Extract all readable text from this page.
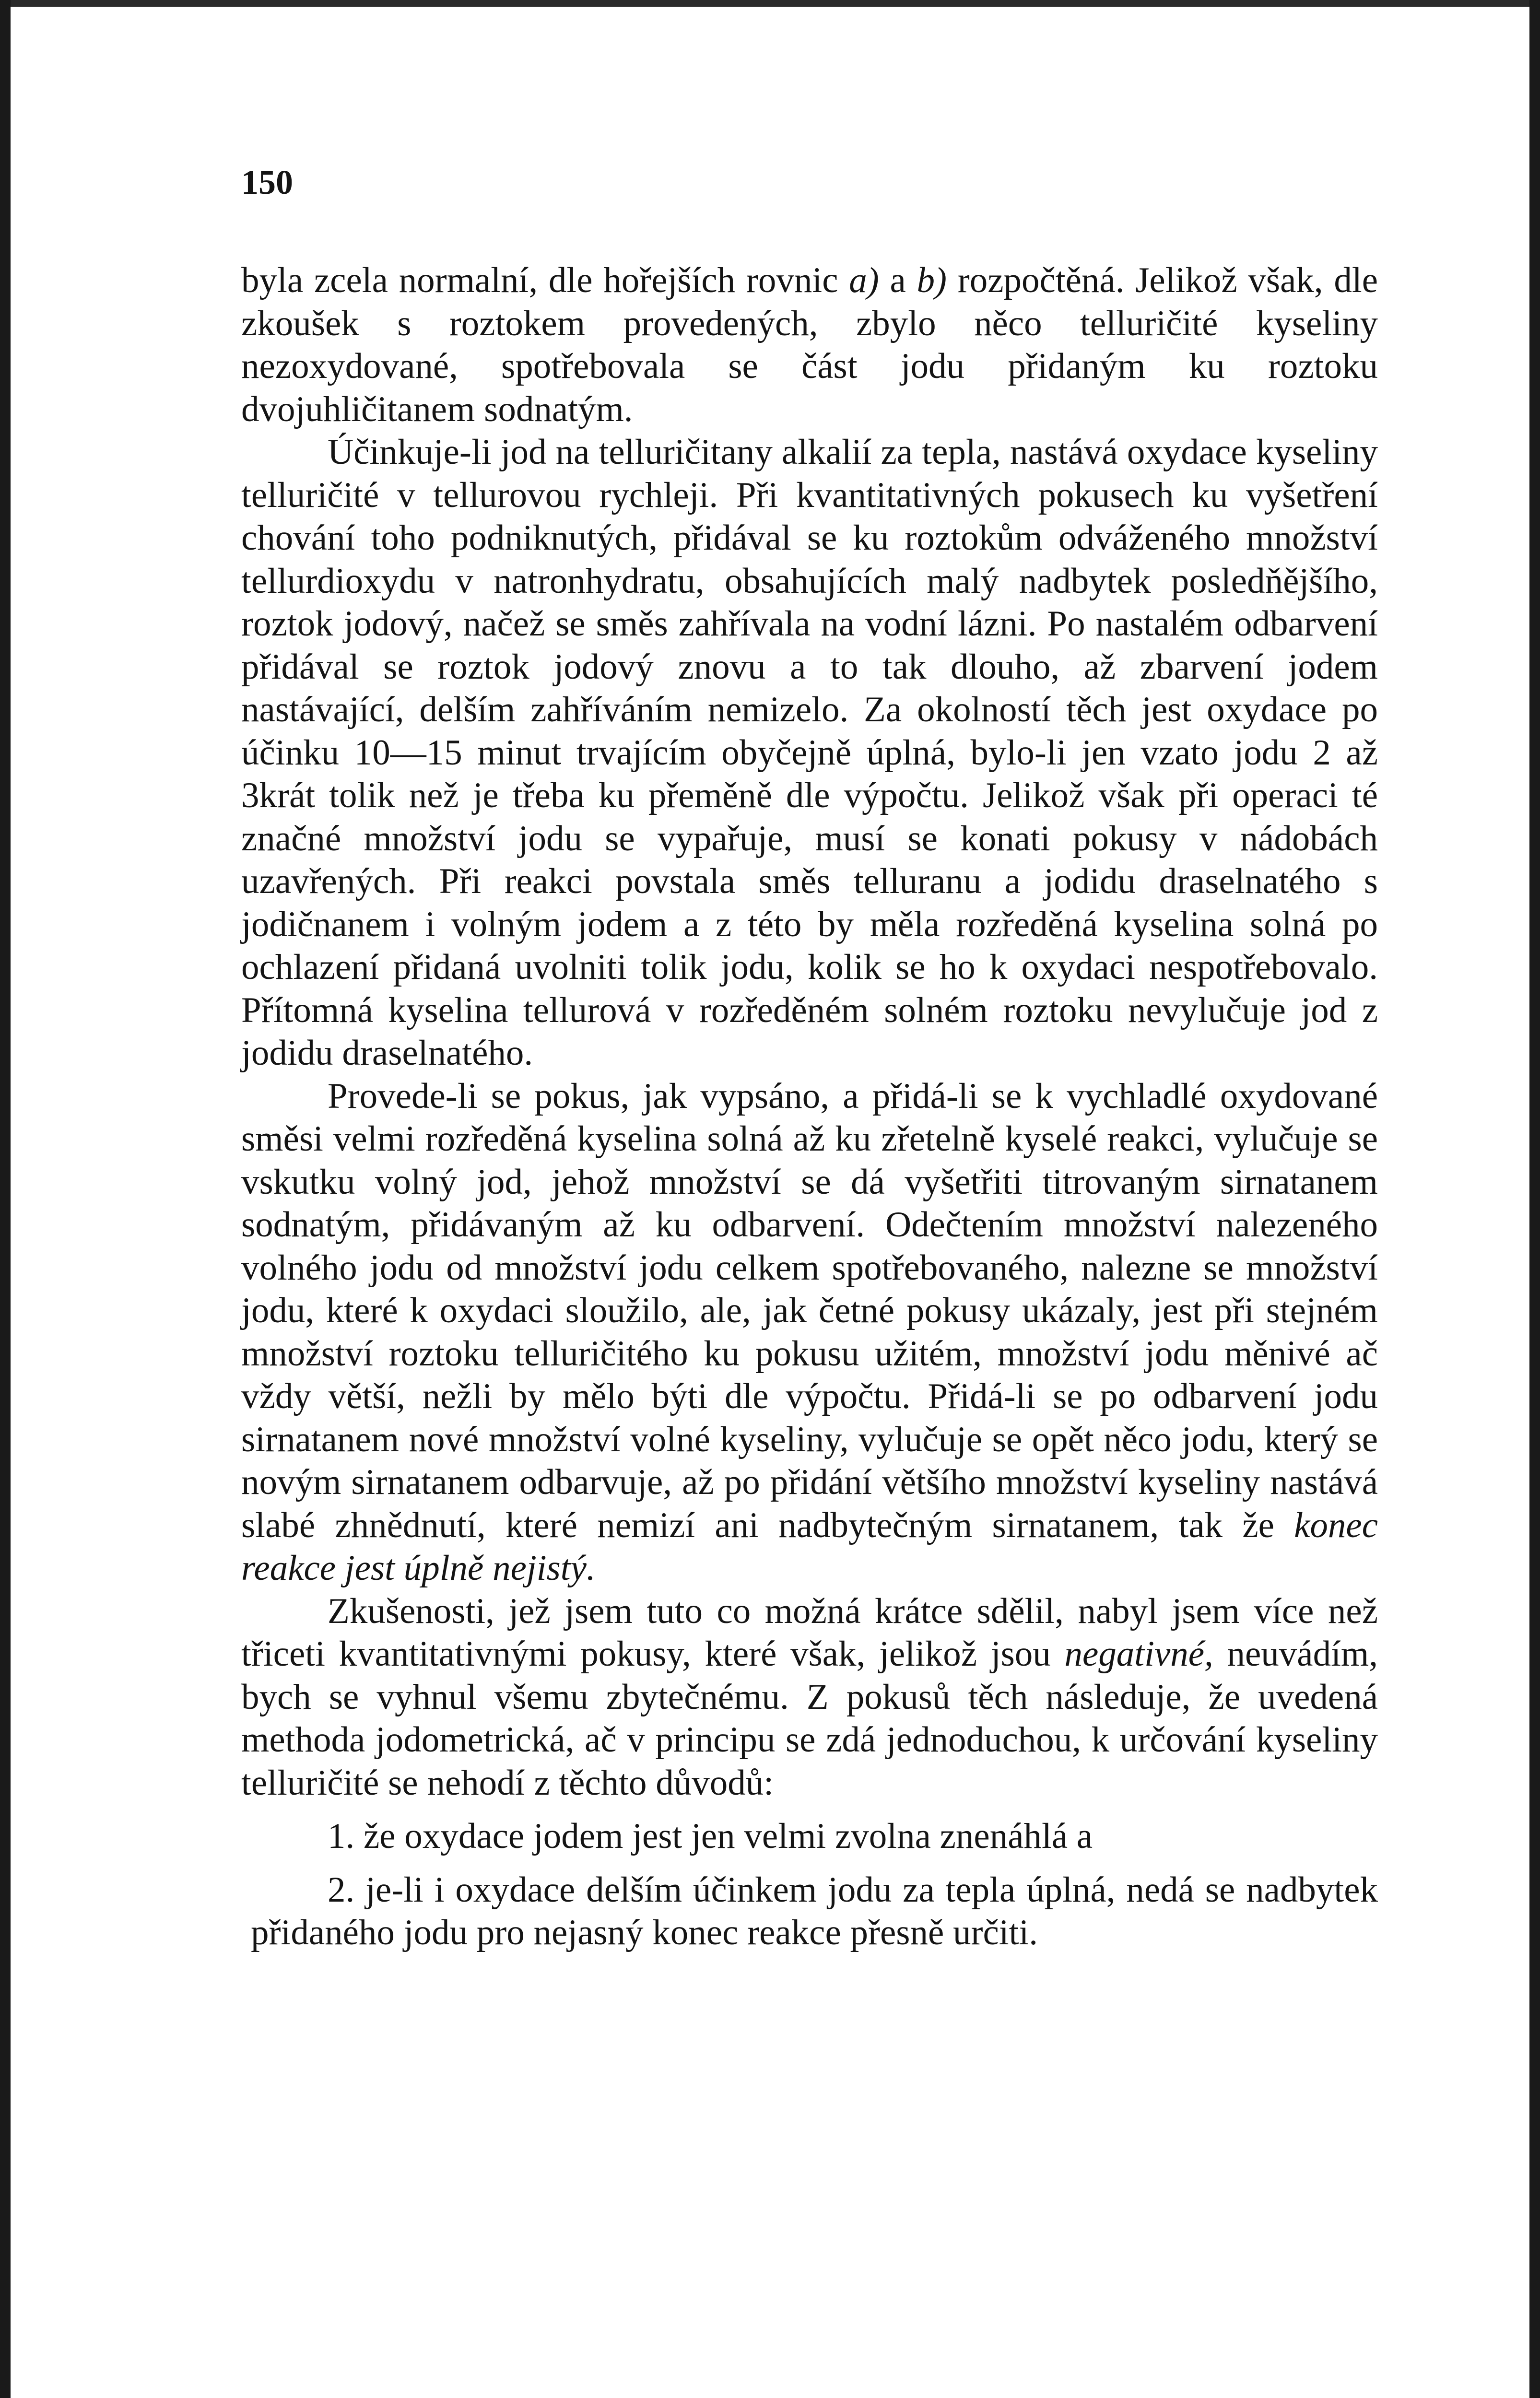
150

byla zcela normalní, dle hořejších rovnic a) a b) rozpočtěná. Jelikož však, dle zkoušek s roztokem provedených, zbylo něco telluričité kyseliny nezoxydované, spotřebovala se část jodu přidaným ku roztoku dvojuhličitanem sodnatým.

Účinkuje-li jod na telluričitany alkalií za tepla, nastává oxydace kyseliny telluričité v tellurovou rychleji. Při kvantitativných pokusech ku vyšetření chování toho podniknutých, přidával se ku roztokům odváženého množství tellurdioxydu v natronhydratu, obsahujících malý nadbytek posledňějšího, roztok jodový, načež se směs zahřívala na vodní lázni. Po nastalém odbarvení přidával se roztok jodový znovu a to tak dlouho, až zbarvení jodem nastávající, delším zahříváním nemizelo. Za okolností těch jest oxydace po účinku 10—15 minut trvajícím obyčejně úplná, bylo-li jen vzato jodu 2 až 3krát tolik než je třeba ku přeměně dle výpočtu. Jelikož však při operaci té značné množství jodu se vypařuje, musí se konati pokusy v nádobách uzavřených. Při reakci povstala směs telluranu a jodidu draselnatého s jodičnanem i volným jodem a z této by měla rozředěná kyselina solná po ochlazení přidaná uvolniti tolik jodu, kolik se ho k oxydaci nespotřebovalo. Přítomná kyselina tellurová v rozředěném solném roztoku nevylučuje jod z jodidu draselnatého.

Provede-li se pokus, jak vypsáno, a přidá-li se k vychladlé oxydované směsi velmi rozředěná kyselina solná až ku zřetelně kyselé reakci, vylučuje se vskutku volný jod, jehož množství se dá vyšetřiti titrovaným sirnatanem sodnatým, přidávaným až ku odbarvení. Odečtením množství nalezeného volného jodu od množství jodu celkem spotřebovaného, nalezne se množství jodu, které k oxydaci sloužilo, ale, jak četné pokusy ukázaly, jest při stejném množství roztoku telluričitého ku pokusu užitém, množství jodu měnivé ač vždy větší, nežli by mělo býti dle výpočtu. Přidá-li se po odbarvení jodu sirnatanem nové množství volné kyseliny, vylučuje se opět něco jodu, který se novým sirnatanem odbarvuje, až po přidání většího množství kyseliny nastává slabé zhnědnutí, které nemizí ani nadbytečným sirnatanem, tak že konec reakce jest úplně nejistý.

Zkušenosti, jež jsem tuto co možná krátce sdělil, nabyl jsem více než třiceti kvantitativnými pokusy, které však, jelikož jsou negativné, neuvádím, bych se vyhnul všemu zbytečnému. Z pokusů těch následuje, že uvedená methoda jodometrická, ač v principu se zdá jednoduchou, k určování kyseliny telluričité se nehodí z těchto důvodů:

1. že oxydace jodem jest jen velmi zvolna znenáhlá a

2. je-li i oxydace delším účinkem jodu za tepla úplná, nedá se nadbytek přidaného jodu pro nejasný konec reakce přesně určiti.
